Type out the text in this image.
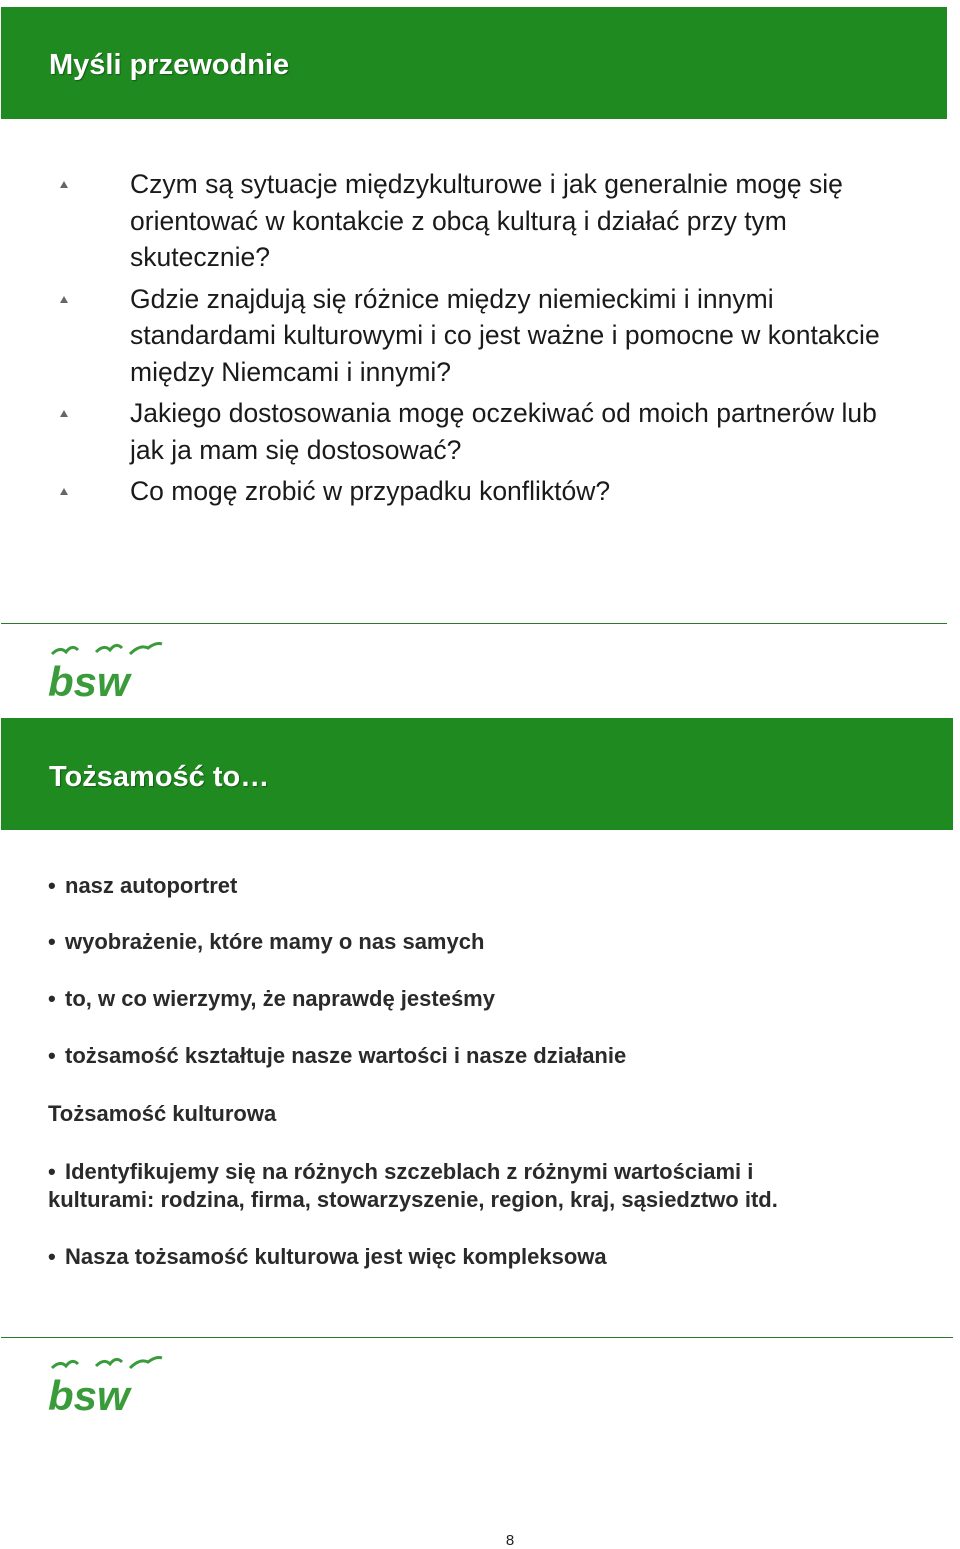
Myśli przewodnie
Czym są sytuacje międzykulturowe i jak generalnie mogę się orientować w kontakcie z obcą kulturą i działać przy tym skutecznie?
Gdzie znajdują się różnice między niemieckimi i innymi standardami kulturowymi i co jest ważne i pomocne w kontakcie między Niemcami i innymi?
Jakiego dostosowania mogę oczekiwać od moich partnerów lub jak ja mam się dostosować?
Co mogę zrobić w przypadku konfliktów?
bsw
Tożsamość to…
• nasz autoportret
• wyobrażenie, które mamy o nas samych
• to, w co wierzymy, że naprawdę jesteśmy
• tożsamość kształtuje nasze wartości i nasze działanie
Tożsamość kulturowa
• Identyfikujemy się na różnych szczeblach z różnymi wartościami i kulturami: rodzina, firma, stowarzyszenie, region, kraj, sąsiedztwo itd.
• Nasza tożsamość kulturowa jest więc kompleksowa
bsw
8
